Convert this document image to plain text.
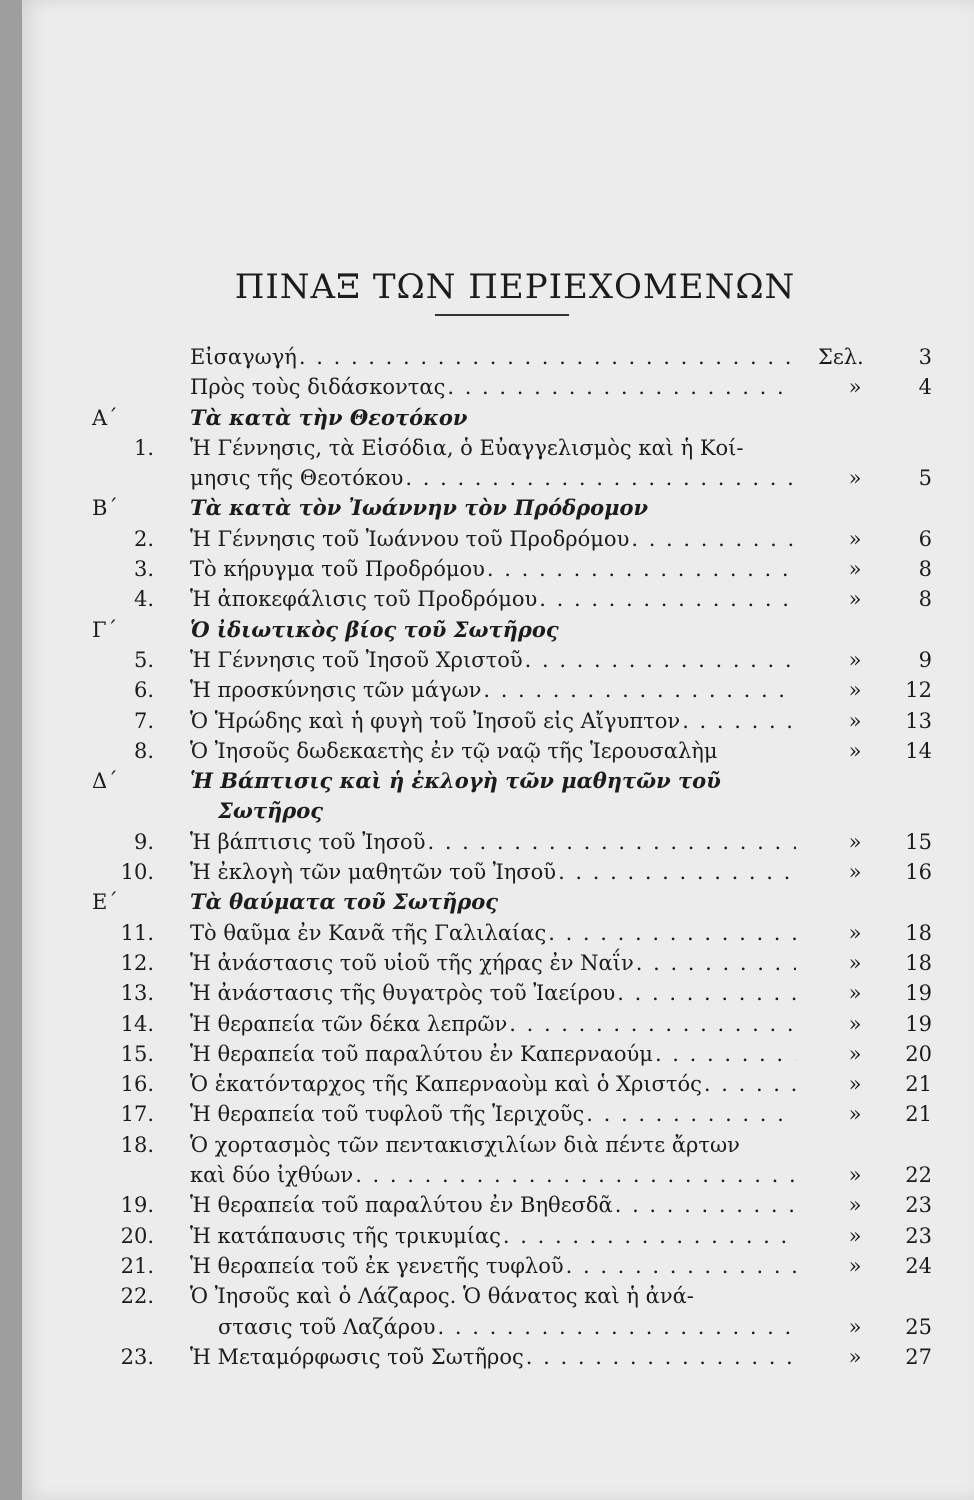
ΠΙΝΑΞ ΤΩΝ ΠΕΡΙΕΧΟΜΕΝΩΝ
Εἰσαγωγή . . .	Σελ.	3
Πρὸς τοὺς διδάσκοντας . . .	»	4
Α΄	Τὰ κατὰ τὴν Θεοτόκον
1. Ἡ Γέννησις, τὰ Εἰσόδια, ὁ Εὐαγγελισμὸς καὶ ἡ Κοί-
μησις τῆς Θεοτόκου . . .	»	5
Β΄	Τὰ κατὰ τὸν Ἰωάννην τὸν Πρόδρομον
2. Ἡ Γέννησις τοῦ Ἰωάννου τοῦ Προδρόμου . . .	»	6
3. Τὸ κήρυγμα τοῦ Προδρόμου . . .	»	8
4. Ἡ ἀποκεφάλισις τοῦ Προδρόμου . . .	»	8
Γ΄	Ὁ ἰδιωτικὸς βίος τοῦ Σωτῆρος
5. Ἡ Γέννησις τοῦ Ἰησοῦ Χριστοῦ . . .	»	9
6. Ἡ προσκύνησις τῶν μάγων . . .	»	12
7. Ὁ Ἡρώδης καὶ ἡ φυγὴ τοῦ Ἰησοῦ εἰς Αἴγυπτον . . .	»	13
8. Ὁ Ἰησοῦς δωδεκαετὴς ἐν τῷ ναῷ τῆς Ἱερουσαλὴμ	»	14
Δ΄	Ἡ Βάπτισις καὶ ἡ ἐκλογὴ τῶν μαθητῶν τοῦ
Σωτῆρος
9. Ἡ βάπτισις τοῦ Ἰησοῦ . . .	»	15
10. Ἡ ἐκλογὴ τῶν μαθητῶν τοῦ Ἰησοῦ . . .	»	16
Ε΄	Τὰ θαύματα τοῦ Σωτῆρος
11. Τὸ θαῦμα ἐν Κανᾶ τῆς Γαλιλαίας . . .	»	18
12. Ἡ ἀνάστασις τοῦ υἱοῦ τῆς χήρας ἐν Ναΐν . . .	»	18
13. Ἡ ἀνάστασις τῆς θυγατρὸς τοῦ Ἰαείρου . . .	»	19
14. Ἡ θεραπεία τῶν δέκα λεπρῶν . . .	»	19
15. Ἡ θεραπεία τοῦ παραλύτου ἐν Καπερναούμ . . .	»	20
16. Ὁ ἑκατόνταρχος τῆς Καπερναοὺμ καὶ ὁ Χριστός . . .	»	21
17. Ἡ θεραπεία τοῦ τυφλοῦ τῆς Ἱεριχοῦς . . .	»	21
18. Ὁ χορτασμὸς τῶν πεντακισχιλίων διὰ πέντε ἄρτων
καὶ δύο ἰχθύων . . .	»	22
19. Ἡ θεραπεία τοῦ παραλύτου ἐν Βηθεσδᾶ . . .	»	23
20. Ἡ κατάπαυσις τῆς τρικυμίας . . .	»	23
21. Ἡ θεραπεία τοῦ ἐκ γενετῆς τυφλοῦ . . .	»	24
22. Ὁ Ἰησοῦς καὶ ὁ Λάζαρος. Ὁ θάνατος καὶ ἡ ἀνά-
στασις τοῦ Λαζάρου . . .	»	25
23. Ἡ Μεταμόρφωσις τοῦ Σωτῆρος . . .	»	27
